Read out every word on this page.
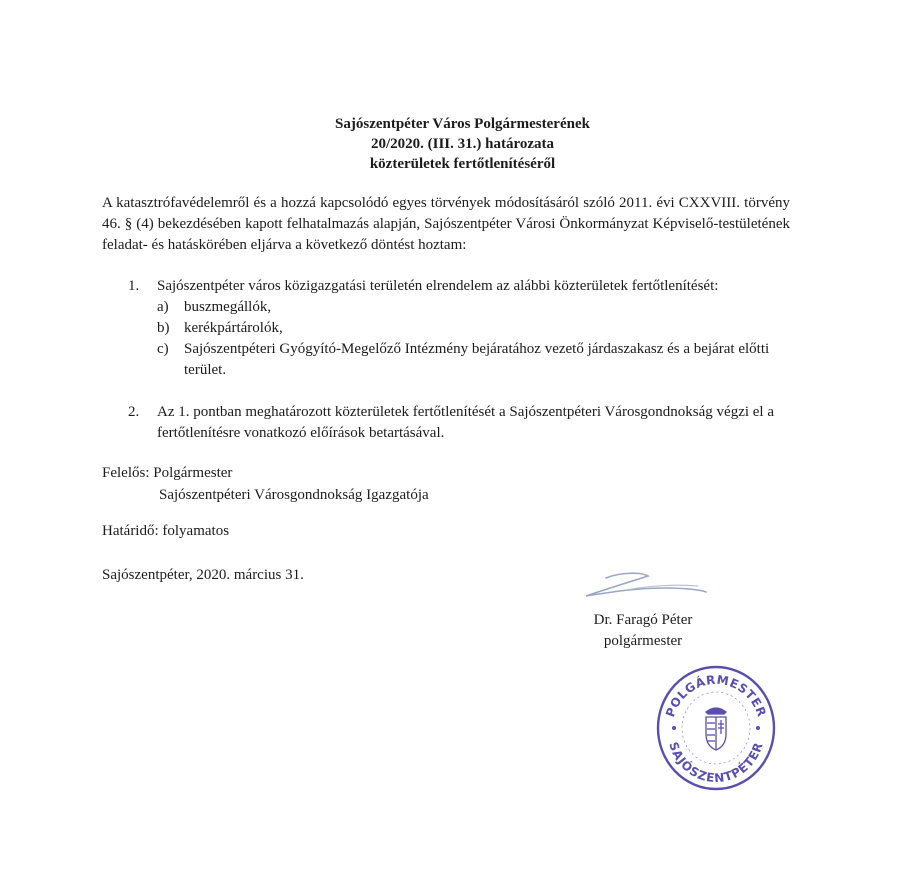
Sajószentpéter Város Polgármesterének
20/2020. (III. 31.) határozata
közterületek fertőtlenítéséről
A katasztrófavédelemről és a hozzá kapcsolódó egyes törvények módosításáról szóló 2011. évi CXXVIII. törvény 46. § (4) bekezdésében kapott felhatalmazás alapján, Sajószentpéter Városi Önkormányzat Képviselő-testületének feladat- és hatáskörében eljárva a következő döntést hoztam:
1. Sajószentpéter város közigazgatási területén elrendelem az alábbi közterületek fertőtlenítését:
a) buszmegállók,
b) kerékpártárolók,
c) Sajószentpéteri Gyógyító-Megelőző Intézmény bejáratához vezető járdaszakasz és a bejárat előtti terület.
2. Az 1. pontban meghatározott közterületek fertőtlenítését a Sajószentpéteri Városgondnokság végzi el a fertőtlenítésre vonatkozó előírások betartásával.
Felelős: Polgármester
Sajószentpéteri Városgondnokság Igazgatója
Határidő: folyamatos
Sajószentpéter, 2020. március 31.
Dr. Faragó Péter
polgármester
POLGÁRMESTER
SAJÓSZENTPÉTER
